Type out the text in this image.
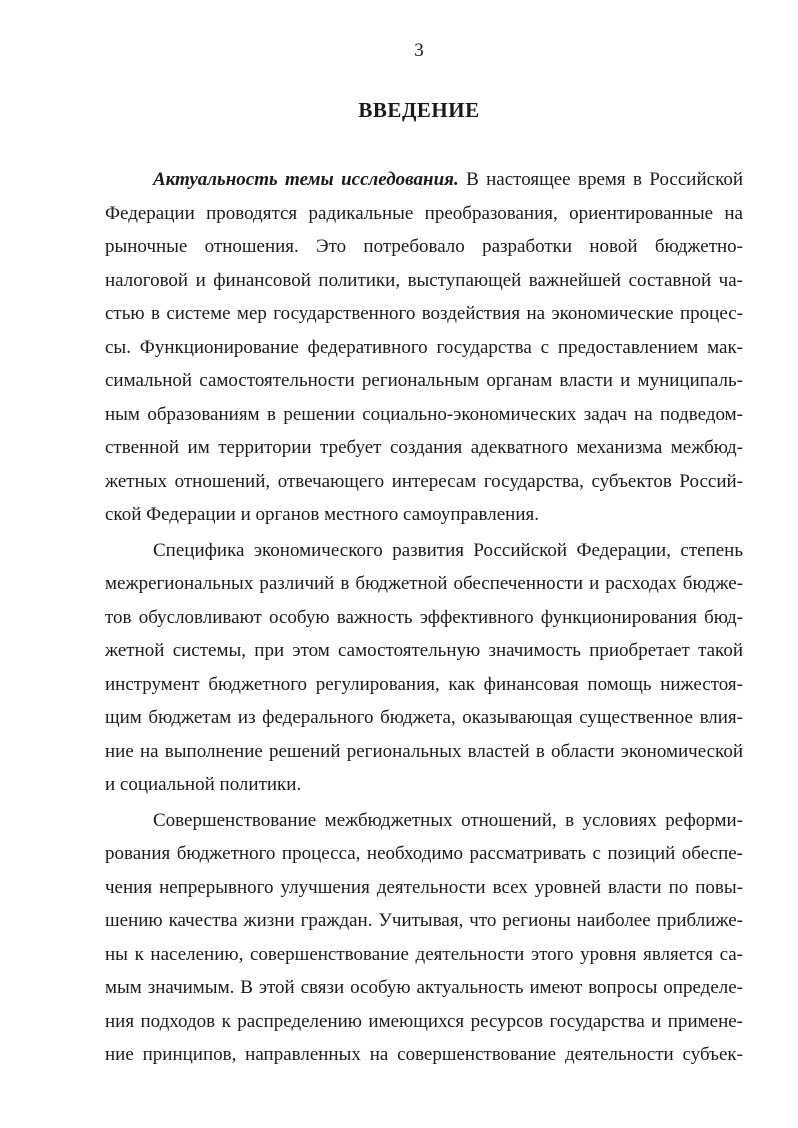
3
ВВЕДЕНИЕ
Актуальность темы исследования. В настоящее время в Российской
Федерации проводятся радикальные преобразования, ориентированные на
рыночные отношения. Это потребовало разработки новой бюджетно-
налоговой и финансовой политики, выступающей важнейшей составной ча-
стью в системе мер государственного воздействия на экономические процес-
сы. Функционирование федеративного государства с предоставлением мак-
симальной самостоятельности региональным органам власти и муниципаль-
ным образованиям в решении социально-экономических задач на подведом-
ственной им территории требует создания адекватного механизма межбюд-
жетных отношений, отвечающего интересам государства, субъектов Россий-
ской Федерации и органов местного самоуправления.
Специфика экономического развития Российской Федерации, степень
межрегиональных различий в бюджетной обеспеченности и расходах бюдже-
тов обусловливают особую важность эффективного функционирования бюд-
жетной системы, при этом самостоятельную значимость приобретает такой
инструмент бюджетного регулирования, как финансовая помощь нижестоя-
щим бюджетам из федерального бюджета, оказывающая существенное влия-
ние на выполнение решений региональных властей в области экономической
и социальной политики.
Совершенствование межбюджетных отношений, в условиях реформи-
рования бюджетного процесса, необходимо рассматривать с позиций обеспе-
чения непрерывного улучшения деятельности всех уровней власти по повы-
шению качества жизни граждан. Учитывая, что регионы наиболее приближе-
ны к населению, совершенствование деятельности этого уровня является са-
мым значимым. В этой связи особую актуальность имеют вопросы определе-
ния подходов к распределению имеющихся ресурсов государства и примене-
ние принципов, направленных на совершенствование деятельности субъек-
